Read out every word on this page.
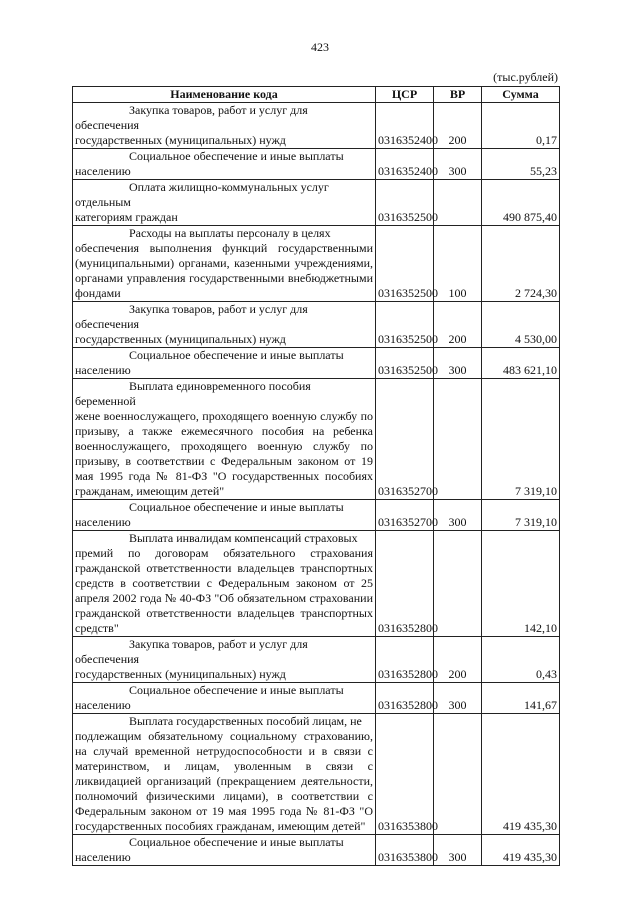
423
(тыс.рублей)
Наименование кода	ЦСР	ВР	Сумма

Закупка товаров, работ и услуг для обеспечения
государственных (муниципальных) нужд	0316352400	200	0,17

Социальное обеспечение и иные выплаты
населению	0316352400	300	55,23

Оплата жилищно-коммунальных услуг отдельным
категориям граждан	0316352500		490 875,40

Расходы на выплаты персоналу в целях
обеспечения выполнения функций государственными (муниципальными) органами, казенными учреждениями, органами управления государственными внебюджетными фондами	0316352500	100	2 724,30

Закупка товаров, работ и услуг для обеспечения
государственных (муниципальных) нужд	0316352500	200	4 530,00

Социальное обеспечение и иные выплаты
населению	0316352500	300	483 621,10

Выплата единовременного пособия беременной
жене военнослужащего, проходящего военную службу по призыву, а также ежемесячного пособия на ребенка военнослужащего, проходящего военную службу по призыву, в соответствии с Федеральным законом от 19 мая 1995 года № 81-ФЗ "О государственных пособиях гражданам, имеющим детей"	0316352700		7 319,10

Социальное обеспечение и иные выплаты
населению	0316352700	300	7 319,10

Выплата инвалидам компенсаций страховых
премий по договорам обязательного страхования гражданской ответственности владельцев транспортных средств в соответствии с Федеральным законом от 25 апреля 2002 года № 40-ФЗ "Об обязательном страховании гражданской ответственности владельцев транспортных средств"	0316352800		142,10

Закупка товаров, работ и услуг для обеспечения
государственных (муниципальных) нужд	0316352800	200	0,43

Социальное обеспечение и иные выплаты
населению	0316352800	300	141,67

Выплата государственных пособий лицам, не
подлежащим обязательному социальному страхованию, на случай временной нетрудоспособности и в связи с материнством, и лицам, уволенным в связи с ликвидацией организаций (прекращением деятельности, полномочий физическими лицами), в соответствии с Федеральным законом от 19 мая 1995 года № 81-ФЗ "О государственных пособиях гражданам, имеющим детей"	0316353800		419 435,30

Социальное обеспечение и иные выплаты
населению	0316353800	300	419 435,30
